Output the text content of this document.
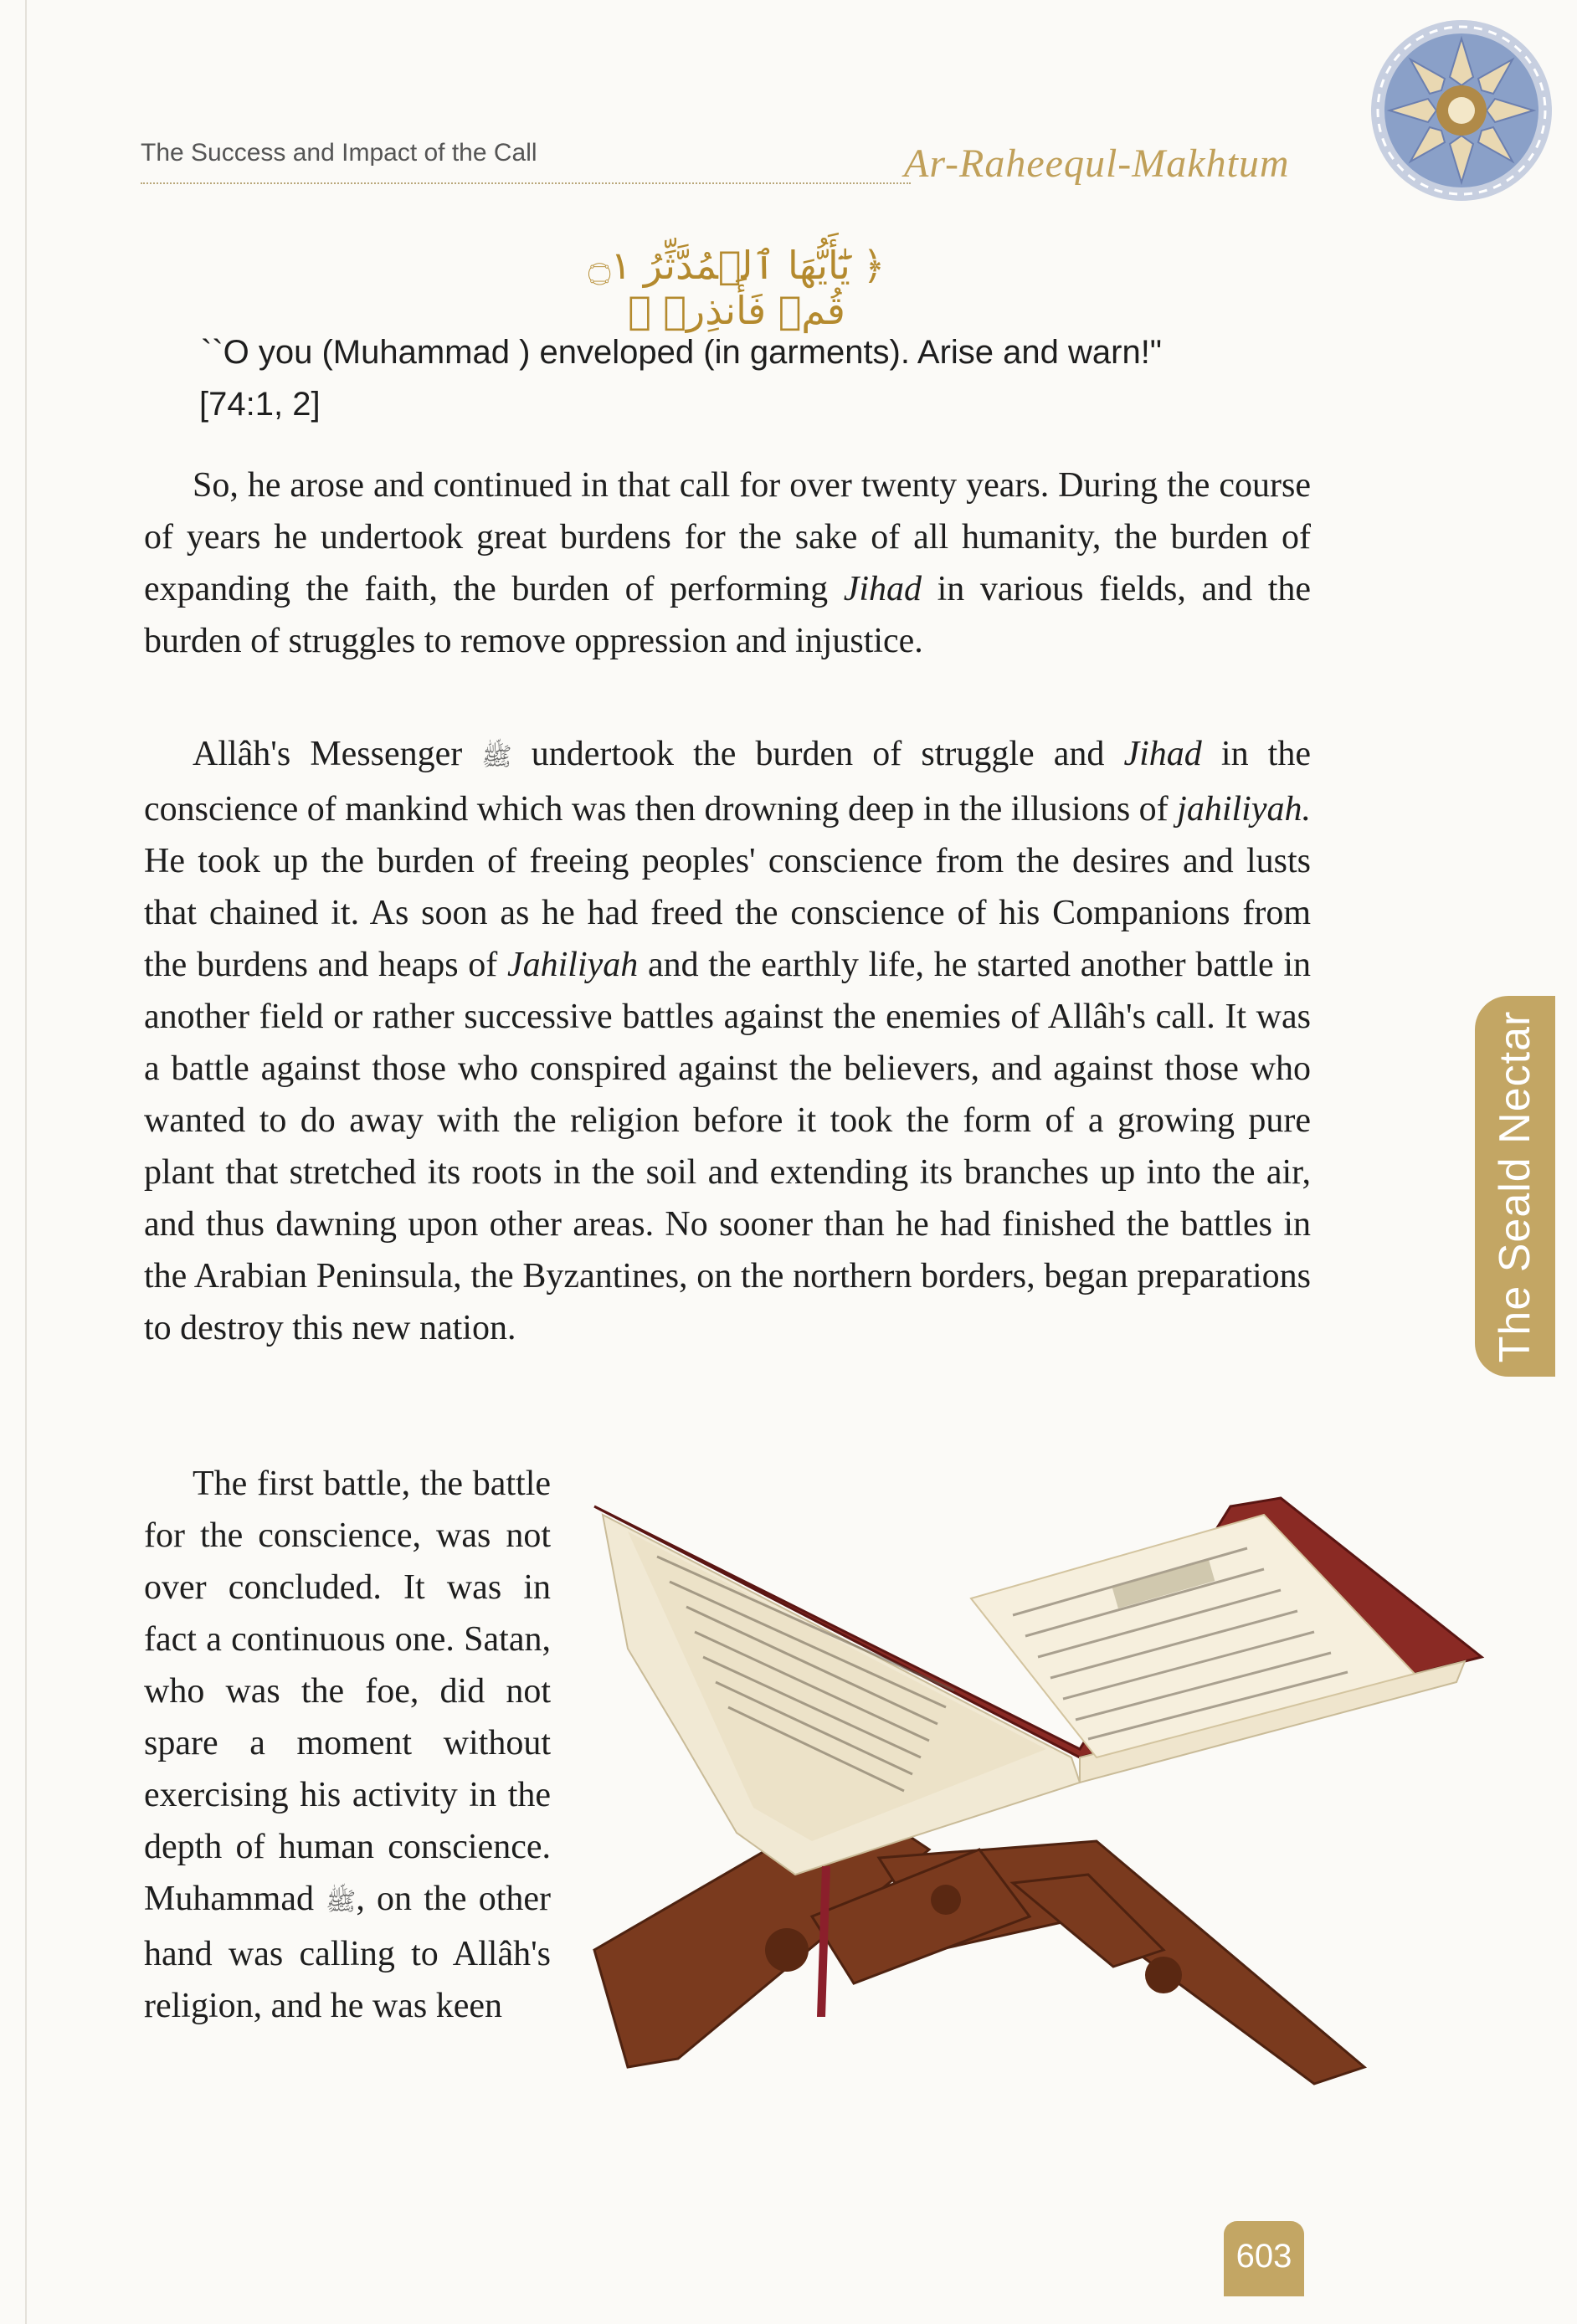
The Success and Impact of the Call	Ar-Raheequl-Makhtum
﴿ يَٰٓأَيُّهَا ٱلۡمُدَّثِّرُ ۝١ قُمۡ فَأَنذِرۡ ﴾
``O you (Muhammad ) enveloped (in garments). Arise and warn!"
[74:1, 2]

So, he arose and continued in that call for over twenty years. During the course of years he undertook great burdens for the sake of all humanity, the burden of expanding the faith, the burden of performing Jihad in various fields, and the burden of struggles to remove oppression and injustice.

Allâh's Messenger ﷺ undertook the burden of struggle and Jihad in the conscience of mankind which was then drowning deep in the illusions of jahiliyah. He took up the burden of freeing peoples' conscience from the desires and lusts that chained it. As soon as he had freed the conscience of his Companions from the burdens and heaps of Jahiliyah and the earthly life, he started another battle in another field or rather successive battles against the enemies of Allâh's call. It was a battle against those who conspired against the believers, and against those who wanted to do away with the religion before it took the form of a growing pure plant that stretched its roots in the soil and extending its branches up into the air, and thus dawning upon other areas. No sooner than he had finished the battles in the Arabian Peninsula, the Byzantines, on the northern borders, began preparations to destroy this new nation.

The first battle, the battle for the conscience, was not over concluded. It was in fact a continuous one. Satan, who was the foe, did not spare a moment without exercising his activity in the depth of human conscience. Muhammad ﷺ, on the other hand was calling to Allâh's religion, and he was keen

The Seald Nectar
603
